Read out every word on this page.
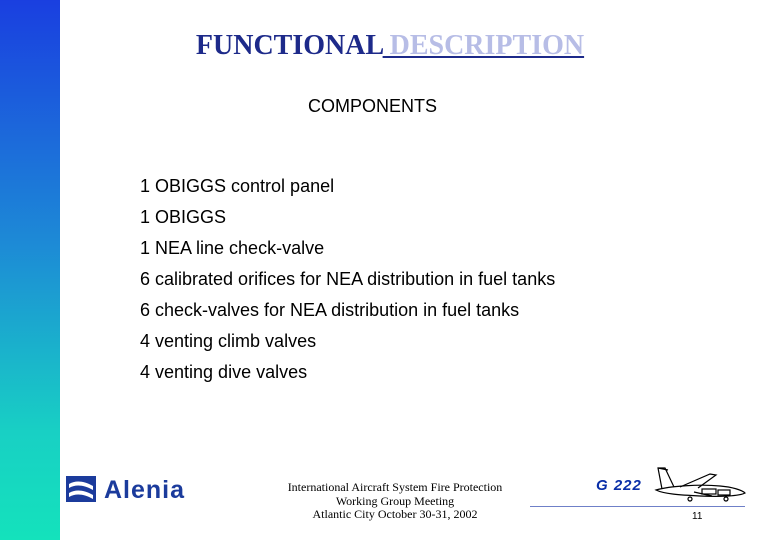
FUNCTIONAL DESCRIPTION
COMPONENTS
1 OBIGGS control panel
1 OBIGGS
1 NEA line check-valve
6 calibrated orifices for NEA distribution in fuel tanks
6 check-valves for NEA distribution in fuel tanks
4 venting climb valves
4 venting dive valves
Alenia	International Aircraft System Fire Protection
Working Group Meeting
Atlantic City October 30-31, 2002
G 222
11
